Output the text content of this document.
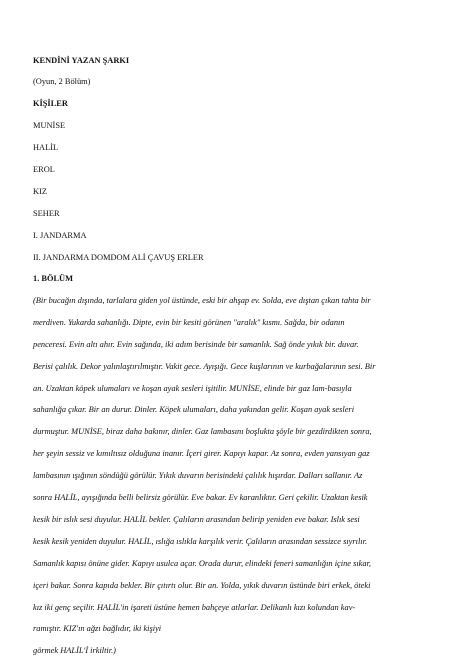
KENDİNİ YAZAN ŞARKI

(Oyun, 2 Bölüm)

KİŞİLER

MUNİSE

HALİL

EROL

KIZ

SEHER

I. JANDARMA

II. JANDARMA DOMDOM ALİ ÇAVUŞ ERLER

1. BÖLÜM

(Bir bucağın dışında, tarlalara giden yol üstünde, eski bir ahşap ev. Solda, eve dıştan çıkan tahta bir

merdiven. Yukarda sahanlığı. Dipte, evin bir kesiti görünen "aralık" kısmı. Sağda, bir odanın

penceresi. Evin altı ahır. Evin sağında, iki adım berisinde bir samanlık. Sağ önde yıkık bir. duvar.

Berisi çalılık. Dekor yalınlaştırılmıştır. Vakit gece. Ayışığı. Gece kuşlarının ve kurbağalarının sesi. Bir

an. Uzaktan köpek ulumaları ve koşan ayak sesleri işitilir. MUNİSE, elinde bir gaz lam-basıyla

sahanlığa çıkar. Bir an durur. Dinler. Köpek ulumaları, daha yakından gelir. Koşan ayak sesleri

durmuştur. MUNİSE, biraz daha bakınır, dinler. Gaz lambasını boşlukta şöyle bir gezdirdikten sonra,

her şeyin sessiz ve kımıltısız olduğuna inanır. İçeri girer. Kapıyı kapar. Az sonra, evden yansıyan gaz

lambasının ışığının söndüğü görülür. Yıkık duvarın berisindeki çalılık hışırdar. Dalları sallanır. Az

sonra HALİL, ayışığında belli belirsiz görülür. Eve bakar. Ev karanlıktır. Geri çekilir. Uzaktan kesik

kesik bir ıslık sesi duyulur. HALİL bekler. Çalıların arasından belirip yeniden eve bakar. Islık sesi

kesik kesik yeniden duyulur. HALİL, ıslığa ıslıkla karşılık verir. Çalıların arasından sessizce sıyrılır.

Samanlık kapısı önüne gider. Kapıyı usulca açar. Orada durur, elindeki feneri samanlığın içine sıkar,

içeri bakar. Sonra kapıda bekler. Bir çıtırtı olur. Bir an. Yolda, yıkık duvarın üstünde biri erkek, öteki

kız iki genç seçilir. HALİL'in işareti üstüne hemen bahçeye atlarlar. Delikanlı kızı kolundan kav-

ramıştır. KIZ'ın ağzı bağlıdır, iki kişiyi

görmek HALİL'İ irkiltir.)
